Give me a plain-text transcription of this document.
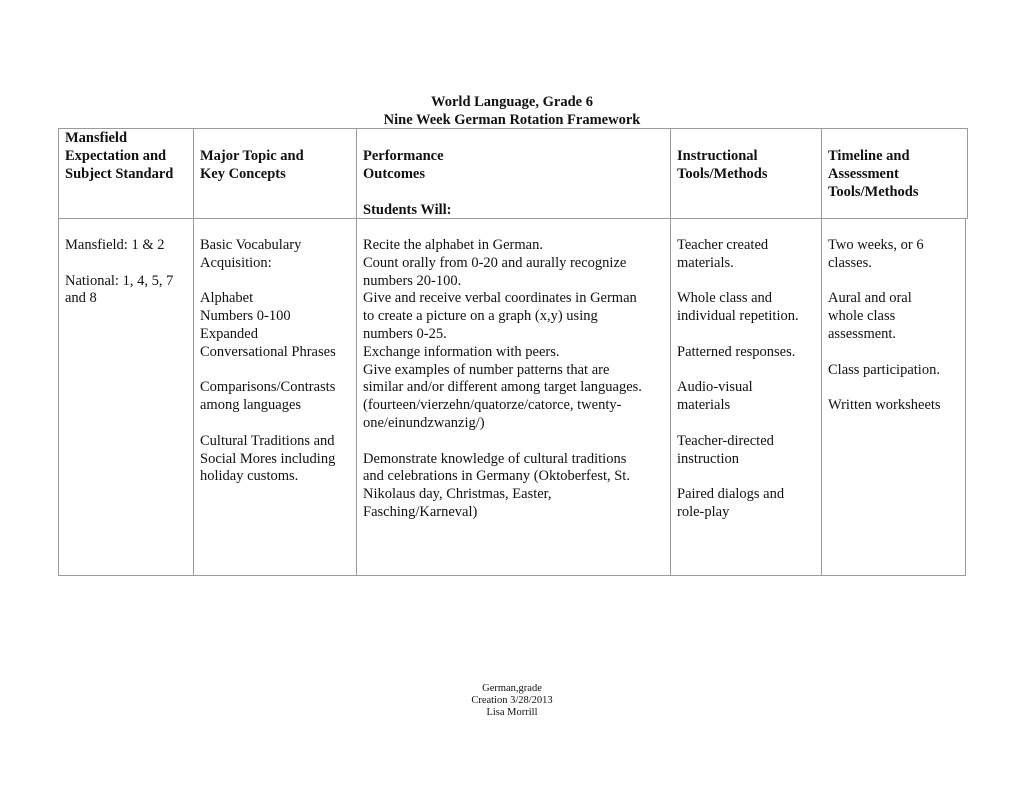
World Language, Grade 6
Nine Week German Rotation Framework
Mansfield
Expectation and
Subject Standard
Major Topic and
Key Concepts
Performance
Outcomes

Students Will:
Instructional
Tools/Methods
Timeline and
Assessment
Tools/Methods
Mansfield: 1 & 2
National: 1, 4, 5, 7
and 8
Basic Vocabulary
Acquisition:
Alphabet
Numbers 0-100
Expanded
Conversational Phrases
Comparisons/Contrasts
among languages
Cultural Traditions and
Social Mores including
holiday customs.
Recite the alphabet in German.
Count orally from 0-20 and aurally recognize
numbers 20-100.
Give and receive verbal coordinates in German
to create a picture on a graph (x,y) using
numbers 0-25.
Exchange information with peers.
Give examples of number patterns that are
similar and/or different among target languages.
(fourteen/vierzehn/quatorze/catorce, twenty-
one/einundzwanzig/)
Demonstrate knowledge of cultural traditions
and celebrations in Germany (Oktoberfest, St.
Nikolaus day, Christmas, Easter,
Fasching/Karneval)
Teacher created
materials.
Whole class and
individual repetition.
Patterned responses.
Audio-visual
materials
Teacher-directed
instruction
Paired dialogs and
role-play
Two weeks, or 6
classes.
Aural and oral
whole class
assessment.
Class participation.
Written worksheets
German,grade
Creation 3/28/2013
Lisa Morrill
